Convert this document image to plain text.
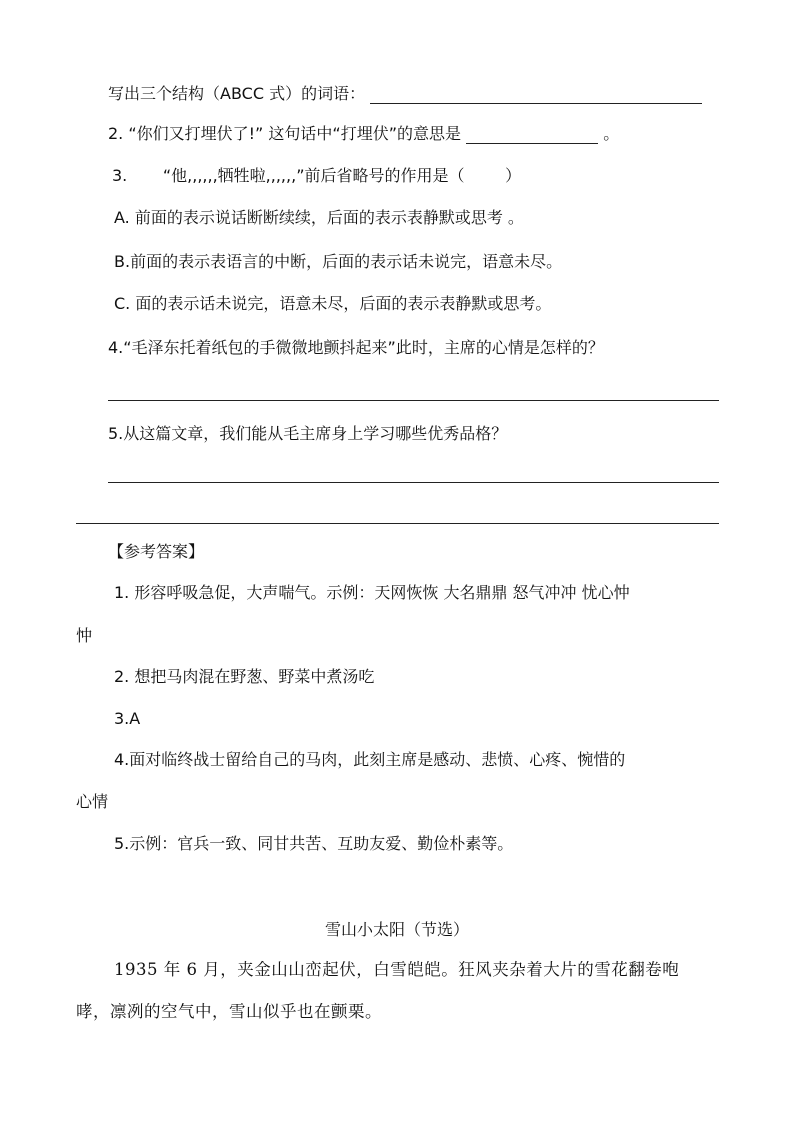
写出三个结构（ABCC 式）的词语：
2. “你们又打埋伏了!” 这句话中“打埋伏”的意思是	。
3.       “他,,,,,,牺牲啦,,,,,,”前后省略号的作用是（        ）
A. 前面的表示说话断断续续，后面的表示表静默或思考 。
B.前面的表示表语言的中断，后面的表示话未说完，语意未尽。
C. 面的表示话未说完，语意未尽，后面的表示表静默或思考。
4.“毛泽东托着纸包的手微微地颤抖起来”此时，主席的心情是怎样的？
5.从这篇文章，我们能从毛主席身上学习哪些优秀品格？
【参考答案】
1. 形容呼吸急促，大声喘气。示例：天网恢恢 大名鼎鼎 怒气冲冲 忧心忡
忡
2. 想把马肉混在野葱、野菜中煮汤吃
3.A
4.面对临终战士留给自己的马肉，此刻主席是感动、悲愤、心疼、惋惜的
心情
5.示例：官兵一致、同甘共苦、互助友爱、勤俭朴素等。
雪山小太阳（节选）
1935 年 6 月，夹金山山峦起伏，白雪皑皑。狂风夹杂着大片的雪花翻卷咆
哮，凛冽的空气中，雪山似乎也在颤栗。
